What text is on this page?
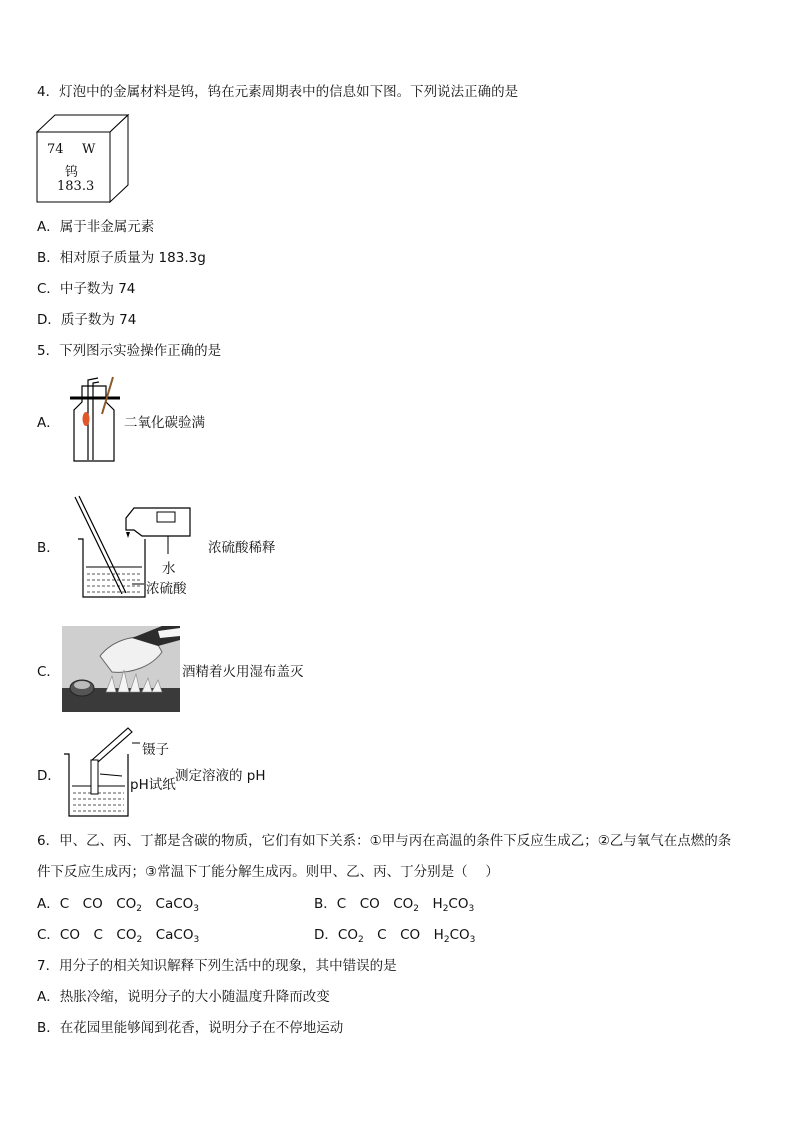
4．灯泡中的金属材料是钨，钨在元素周期表中的信息如下图。下列说法正确的是
74 W
钨
183.3
A．属于非金属元素
B．相对原子质量为 183.3g
C．中子数为 74
D．质子数为 74
5．下列图示实验操作正确的是
A．	二氧化碳验满
B．	浓硫酸稀释
水
浓硫酸
C．	酒精着火用湿布盖灭
D．
镊子
pH试纸
测定溶液的 pH
6．甲、乙、丙、丁都是含碳的物质，它们有如下关系：①甲与丙在高温的条件下反应生成乙；②乙与氧气在点燃的条
件下反应生成丙；③常温下丁能分解生成丙。则甲、乙、丙、丁分别是（　 ）
A．C　CO　$CO_2$　CaCO$_3$	B．C　CO　$CO_2$　$H_2CO_3$
C．CO　C　$CO_2$　CaCO$_3$	D．$CO_2$　C　CO　$H_2CO_3$
7．用分子的相关知识解释下列生活中的现象，其中错误的是
A．热胀冷缩，说明分子的大小随温度升降而改变
B．在花园里能够闻到花香，说明分子在不停地运动
